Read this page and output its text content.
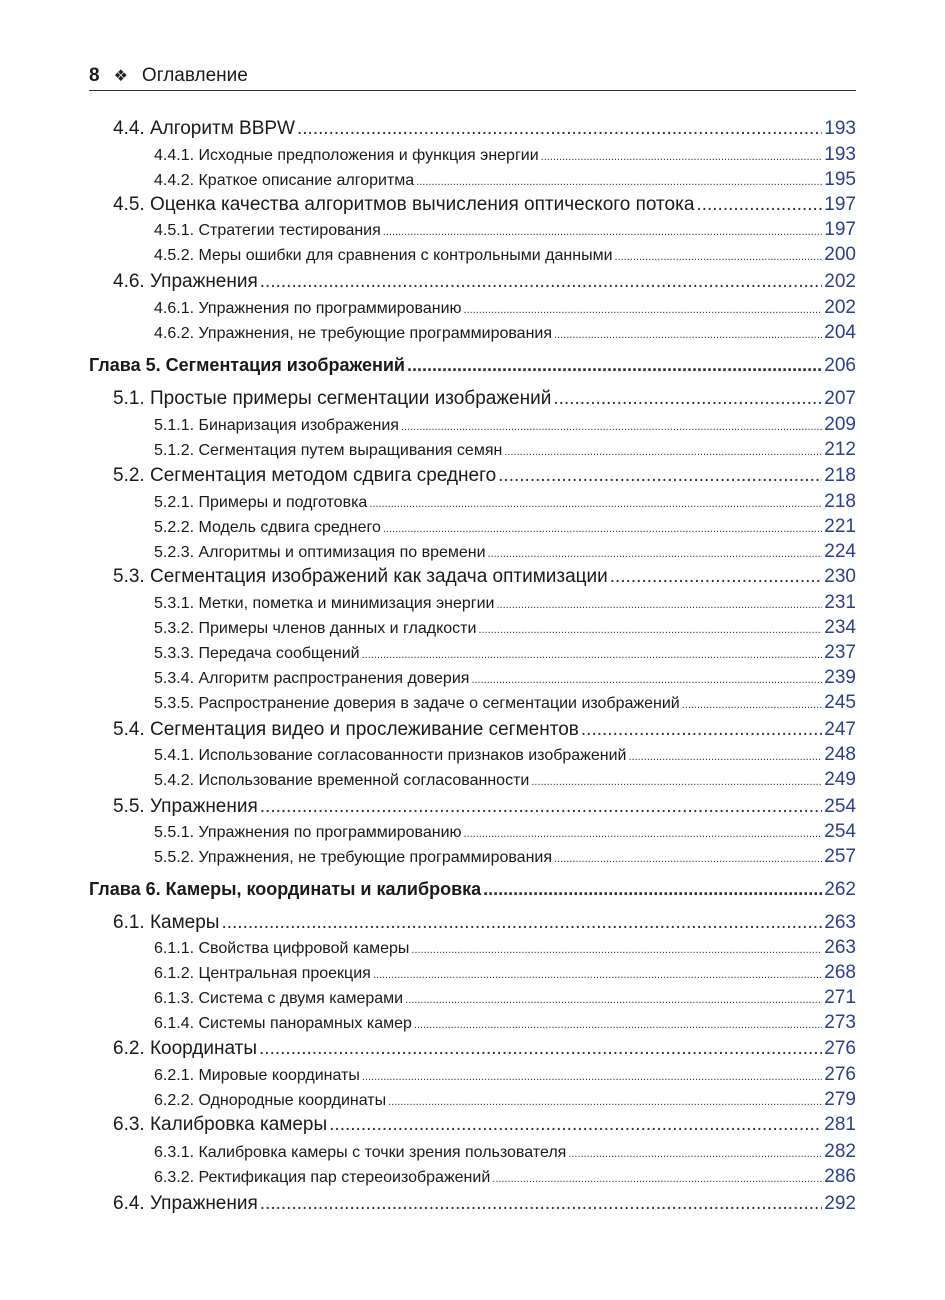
8 ❖ Оглавление
4.4. Алгоритм BBPW .....	193
4.4.1. Исходные предположения и функция энергии .....	193
4.4.2. Краткое описание алгоритма .....	195
4.5. Оценка качества алгоритмов вычисления оптического потока .....	197
4.5.1. Стратегии тестирования .....	197
4.5.2. Меры ошибки для сравнения с контрольными данными .....	200
4.6. Упражнения .....	202
4.6.1. Упражнения по программированию .....	202
4.6.2. Упражнения, не требующие программирования .....	204
Глава 5. Сегментация изображений .....	206
5.1. Простые примеры сегментации изображений .....	207
5.1.1. Бинаризация изображения .....	209
5.1.2. Сегментация путем выращивания семян .....	212
5.2. Сегментация методом сдвига среднего .....	218
5.2.1. Примеры и подготовка .....	218
5.2.2. Модель сдвига среднего .....	221
5.2.3. Алгоритмы и оптимизация по времени .....	224
5.3. Сегментация изображений как задача оптимизации .....	230
5.3.1. Метки, пометка и минимизация энергии .....	231
5.3.2. Примеры членов данных и гладкости .....	234
5.3.3. Передача сообщений .....	237
5.3.4. Алгоритм распространения доверия .....	239
5.3.5. Распространение доверия в задаче о сегментации изображений .....	245
5.4. Сегментация видео и прослеживание сегментов .....	247
5.4.1. Использование согласованности признаков изображений .....	248
5.4.2. Использование временной согласованности .....	249
5.5. Упражнения .....	254
5.5.1. Упражнения по программированию .....	254
5.5.2. Упражнения, не требующие программирования .....	257
Глава 6. Камеры, координаты и калибровка .....	262
6.1. Камеры .....	263
6.1.1. Свойства цифровой камеры .....	263
6.1.2. Центральная проекция .....	268
6.1.3. Система с двумя камерами .....	271
6.1.4. Системы панорамных камер .....	273
6.2. Координаты .....	276
6.2.1. Мировые координаты .....	276
6.2.2. Однородные координаты .....	279
6.3. Калибровка камеры .....	281
6.3.1. Калибровка камеры с точки зрения пользователя .....	282
6.3.2. Ректификация пар стереоизображений .....	286
6.4. Упражнения .....	292
